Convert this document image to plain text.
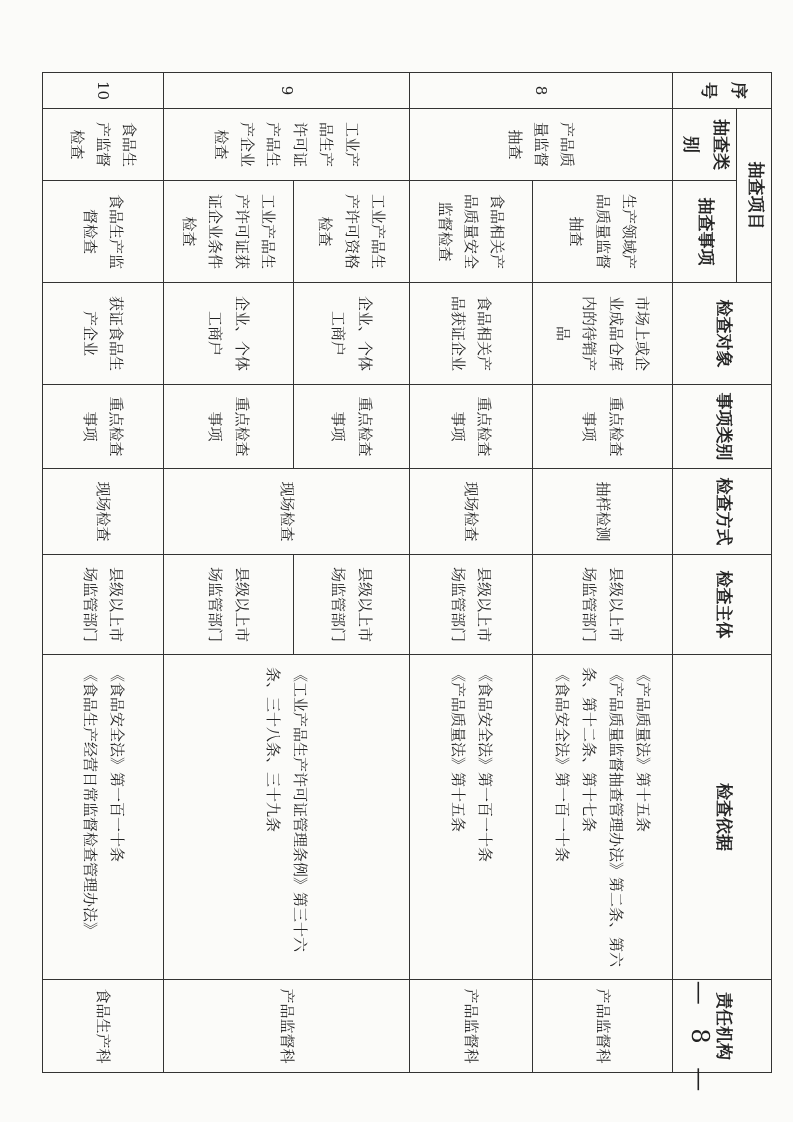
序号	抽查项目		检查对象	事项类别	检查方式	检查主体	检查依据	责任机构
	抽查类别	抽查事项						
8	产品质量监督抽查	生产领域产品质量监督抽查	市场上或企业成品仓库内的待销产品	重点检查事项	抽样检测	县级以上市场监管部门	《产品质量法》第十五条
《产品质量监督抽查管理办法》第二条、第六条、第十二条、第十七条
《食品安全法》第一百一十条	产品监督科
		食品相关产品质量安全监督检查	食品相关产品获证企业	重点检查事项	现场检查	县级以上市场监管部门	《食品安全法》第一百一十条
《产品质量法》第十五条	产品监督科
9	工业产品生产许可证产品生产企业检查	工业产品生产许可资格检查	企业、个体工商户	重点检查事项	现场检查	县级以上市场监管部门	《工业产品生产许可证管理条例》第三十六条、三十八条、三十九条	产品监督科
		工业产品生产许可证获证企业条件检查	企业、个体工商户	重点检查事项		县级以上市场监管部门		
10	食品生产监督检查	食品生产监督检查	获证食品生产企业	重点检查事项	现场检查	县级以上市场监管部门	《食品安全法》第一百一十条
《食品生产经营日常监督检查管理办法》	食品生产科	— 8 —
